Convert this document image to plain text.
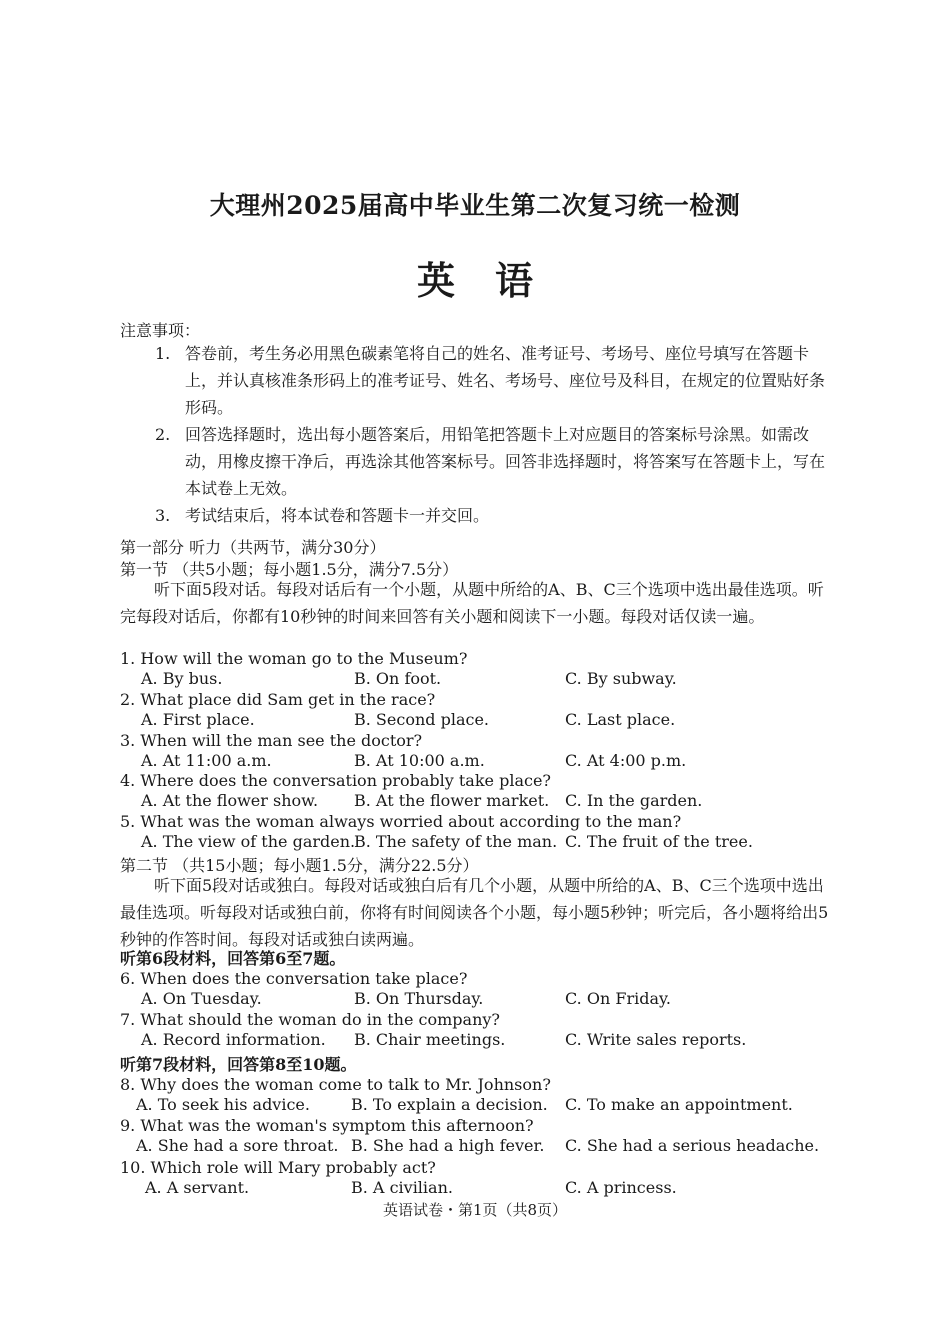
大理州2025届高中毕业生第二次复习统一检测
英语
注意事项：
1. 答卷前，考生务必用黑色碳素笔将自己的姓名、准考证号、考场号、座位号填写在答题卡上，并认真核准条形码上的准考证号、姓名、考场号、座位号及科目，在规定的位置贴好条形码。
2. 回答选择题时，选出每小题答案后，用铅笔把答题卡上对应题目的答案标号涂黑。如需改动，用橡皮擦干净后，再选涂其他答案标号。回答非选择题时，将答案写在答题卡上，写在本试卷上无效。
3. 考试结束后，将本试卷和答题卡一并交回。
第一部分 听力（共两节，满分30分）
第一节 （共5小题；每小题1.5分，满分7.5分）
听下面5段对话。每段对话后有一个小题，从题中所给的A、B、C三个选项中选出最佳选项。听完每段对话后，你都有10秒钟的时间来回答有关小题和阅读下一小题。每段对话仅读一遍。
1. How will the woman go to the Museum?
A. By bus.	B. On foot.	C. By subway.
2. What place did Sam get in the race?
A. First place.	B. Second place.	C. Last place.
3. When will the man see the doctor?
A. At 11:00 a.m.	B. At 10:00 a.m.	C. At 4:00 p.m.
4. Where does the conversation probably take place?
A. At the flower show. B. At the flower market. C. In the garden.
5. What was the woman always worried about according to the man?
A. The view of the garden.
B. The safety of the man. C. The fruit of the tree.
第二节 （共15小题；每小题1.5分，满分22.5分）
听下面5段对话或独白。每段对话或独白后有几个小题，从题中所给的A、B、C三个选项中选出最佳选项。听每段对话或独白前，你将有时间阅读各个小题，每小题5秒钟；听完后，各小题将给出5秒钟的作答时间。每段对话或独白读两遍。
听第6段材料，回答第6至7题。
6. When does the conversation take place?
A. On Tuesday.	B. On Thursday.	C. On Friday.
7. What should the woman do in the company?
A. Record information. B. Chair meetings.	C. Write sales reports.
听第7段材料，回答第8至10题。
8. Why does the woman come to talk to Mr. Johnson?
A. To seek his advice.	B. To explain a decision. C. To make an appointment.
9. What was the woman's symptom this afternoon?
A. She had a sore throat. B. She had a high fever. C. She had a serious headache.
10. Which role will Mary probably act?
A. A servant.	B. A civilian.	C. A princess.
英语试卷・第1页（共8页）
